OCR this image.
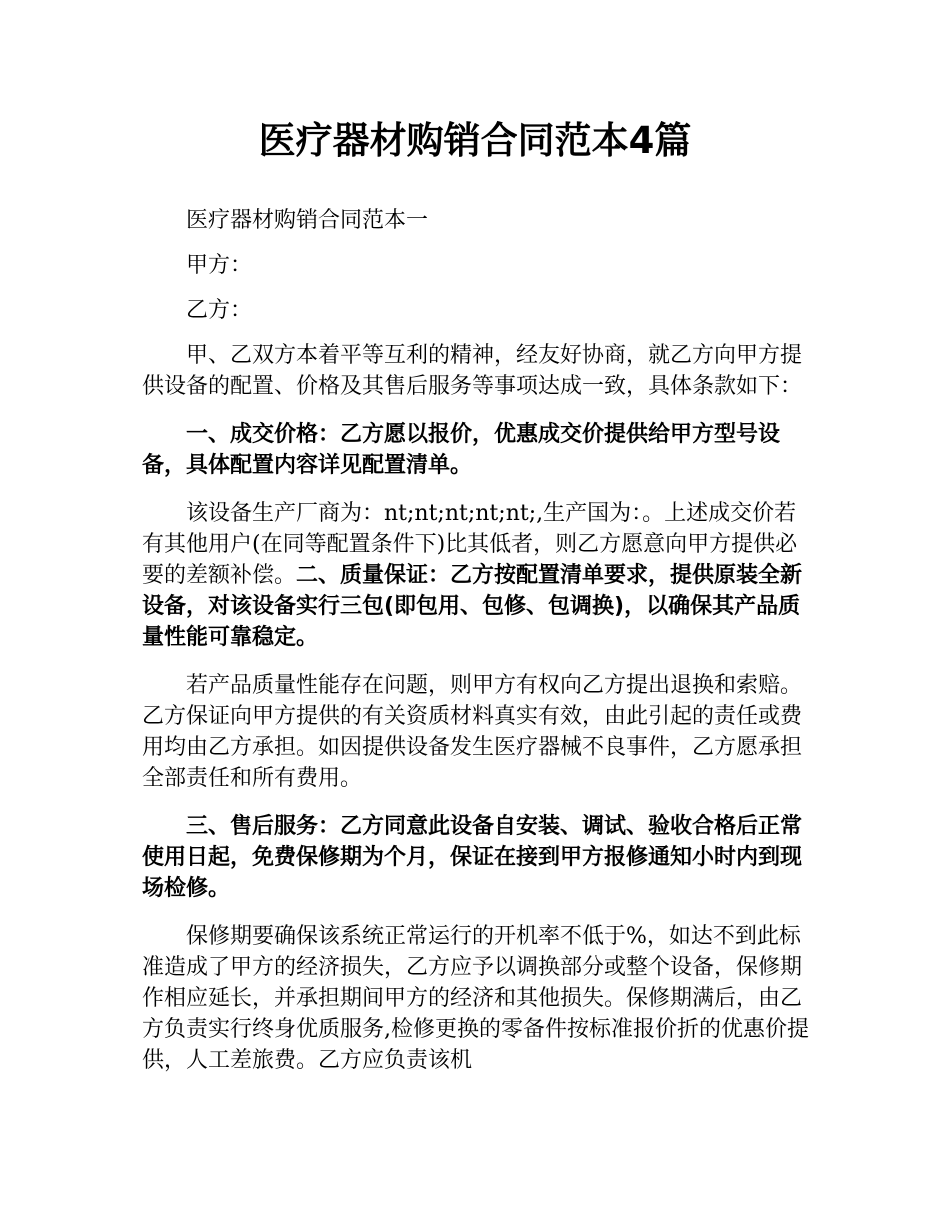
医疗器材购销合同范本4篇

医疗器材购销合同范本一

甲方：

乙方：

甲、乙双方本着平等互利的精神，经友好协商，就乙方向甲方提供设备的配置、价格及其售后服务等事项达成一致，具体条款如下：

一、成交价格：乙方愿以报价，优惠成交价提供给甲方型号设备，具体配置内容详见配置清单。

该设备生产厂商为：nt;nt;nt;nt;nt;,生产国为：。上述成交价若有其他用户(在同等配置条件下)比其低者，则乙方愿意向甲方提供必要的差额补偿。二、质量保证：乙方按配置清单要求，提供原装全新设备，对该设备实行三包(即包用、包修、包调换)，以确保其产品质量性能可靠稳定。

若产品质量性能存在问题，则甲方有权向乙方提出退换和索赔。乙方保证向甲方提供的有关资质材料真实有效，由此引起的责任或费用均由乙方承担。如因提供设备发生医疗器械不良事件，乙方愿承担全部责任和所有费用。

三、售后服务：乙方同意此设备自安装、调试、验收合格后正常使用日起，免费保修期为个月，保证在接到甲方报修通知小时内到现场检修。

保修期要确保该系统正常运行的开机率不低于%，如达不到此标准造成了甲方的经济损失，乙方应予以调换部分或整个设备，保修期作相应延长，并承担期间甲方的经济和其他损失。保修期满后，由乙方负责实行终身优质服务,检修更换的零备件按标准报价折的优惠价提供，人工差旅费。乙方应负责该机
